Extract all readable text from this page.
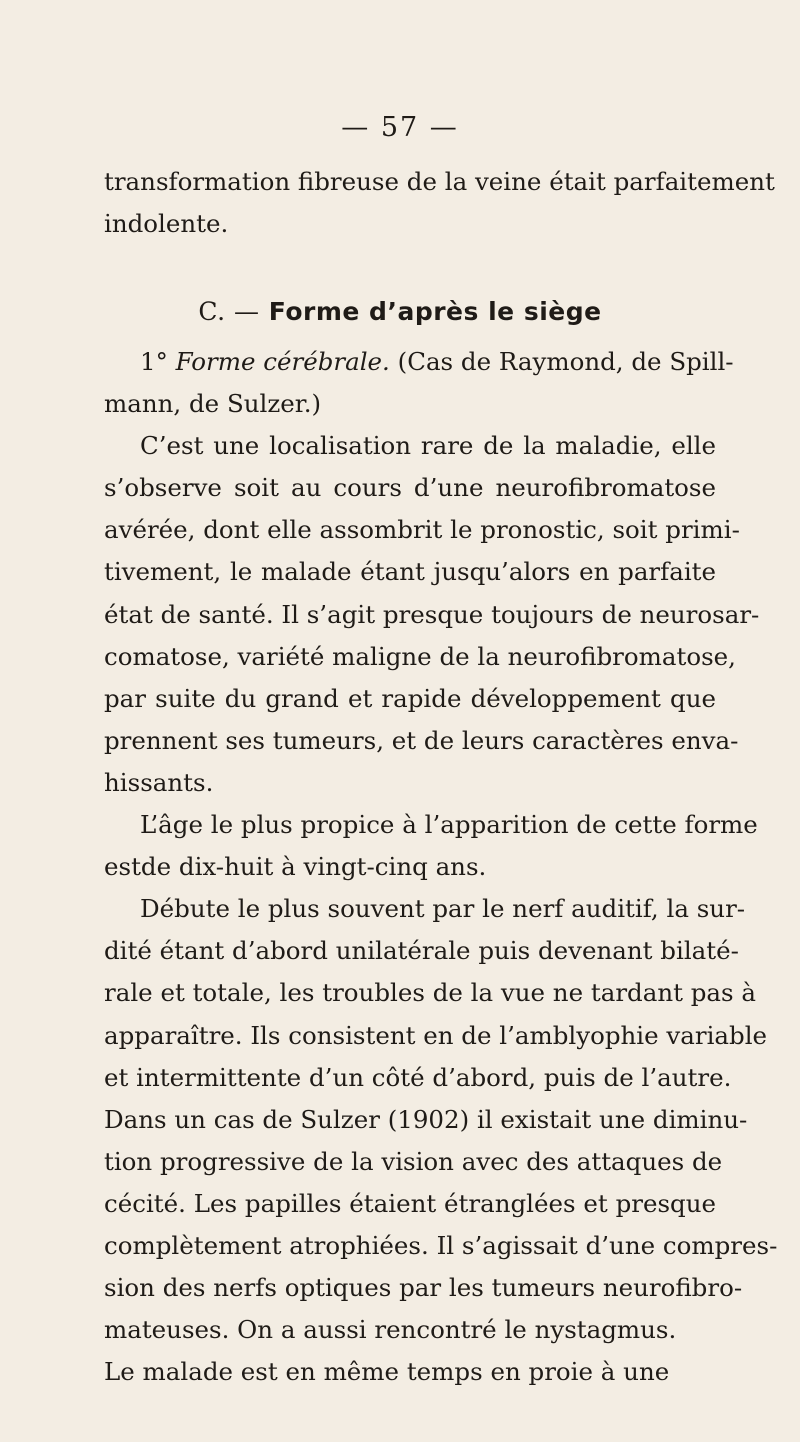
— 57 —
transformation fibreuse de la veine était parfaitement
indolente.
C. — Forme d’après le siège
1° Forme cérébrale. (Cas de Raymond, de Spill-
mann, de Sulzer.)
C’est une localisation rare de la maladie, elle
s’observe soit au cours d’une neurofibromatose
avérée, dont elle assombrit le pronostic, soit primi-
tivement, le malade étant jusqu’alors en parfaite
état de santé. Il s’agit presque toujours de neurosar-
comatose, variété maligne de la neurofibromatose,
par suite du grand et rapide développement que
prennent ses tumeurs, et de leurs caractères enva-
hissants.
L’âge le plus propice à l’apparition de cette forme
estde dix-huit à vingt-cinq ans.
Débute le plus souvent par le nerf auditif, la sur-
dité étant d’abord unilatérale puis devenant bilaté-
rale et totale, les troubles de la vue ne tardant pas à
apparaître. Ils consistent en de l’amblyophie variable
et intermittente d’un côté d’abord, puis de l’autre.
Dans un cas de Sulzer (1902) il existait une diminu-
tion progressive de la vision avec des attaques de
cécité. Les papilles étaient étranglées et presque
complètement atrophiées. Il s’agissait d’une compres-
sion des nerfs optiques par les tumeurs neurofibro-
mateuses. On a aussi rencontré le nystagmus.
Le malade est en même temps en proie à une
